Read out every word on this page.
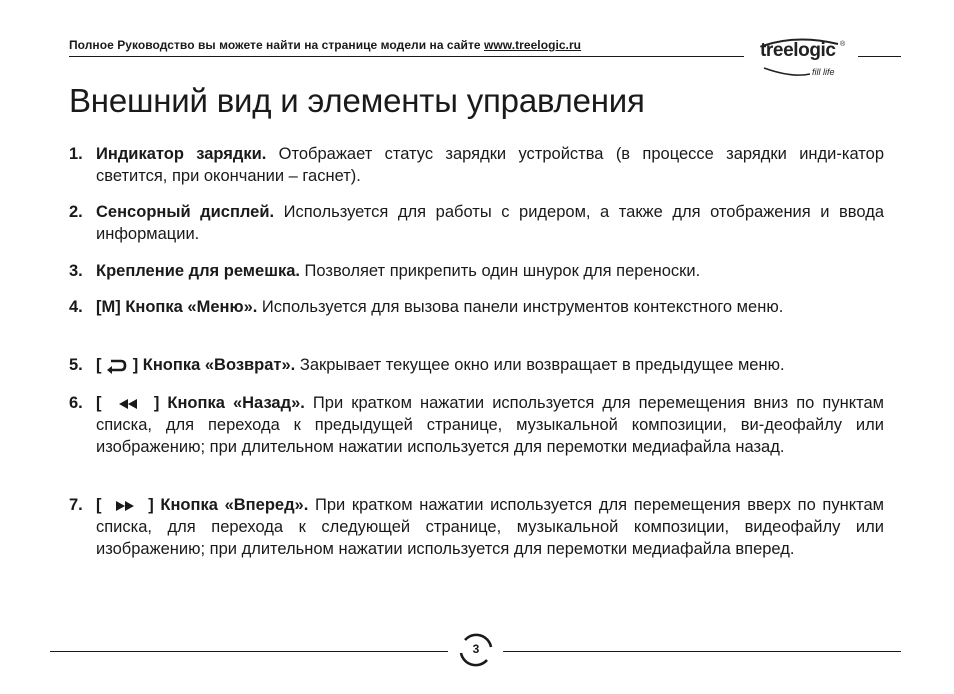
Полное Руководство вы можете найти на странице модели на сайте www.treelogic.ru	treelogic ®
fill life
Внешний вид и элементы управления
1. Индикатор зарядки. Отображает статус зарядки устройства (в процессе зарядки инди-катор светится, при окончании – гаснет).
2. Сенсорный дисплей. Используется для работы с ридером, а также для отображения и ввода информации.
3. Крепление для ремешка. Позволяет прикрепить один шнурок для переноски.
4. [M] Кнопка «Меню». Используется для вызова панели инструментов контекстного меню.
5. [ ] Кнопка «Возврат». Закрывает текущее окно или возвращает в предыдущее меню.
6. [	] Кнопка «Назад». При кратком нажатии используется для перемещения вниз по пунктам списка, для перехода к предыдущей странице, музыкальной композиции, ви-деофайлу или изображению; при длительном нажатии используется для перемотки медиафайла назад.
7. [	] Кнопка «Вперед». При кратком нажатии используется для перемещения вверх по пунктам списка, для перехода к следующей странице, музыкальной композиции, видеофайлу или изображению; при длительном нажатии используется для перемотки медиафайла вперед.
3
